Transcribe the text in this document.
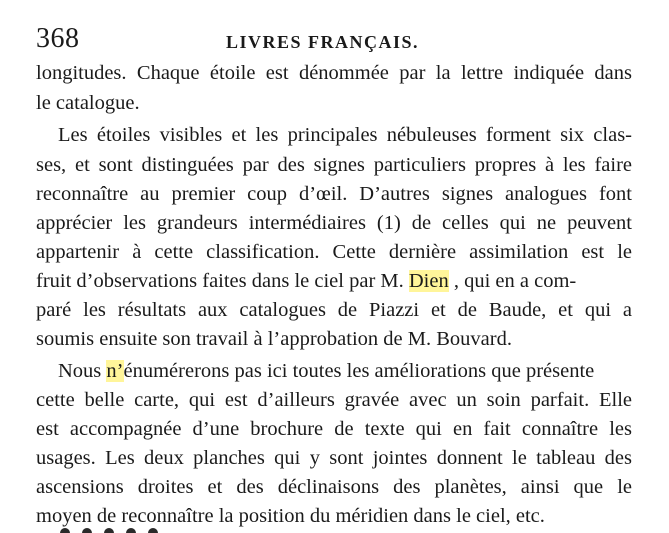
368	LIVRES FRANÇAIS.
longitudes. Chaque étoile est dénommée par la lettre indiquée dans
le catalogue.
Les étoiles visibles et les principales nébuleuses forment six clas-
ses, et sont distinguées par des signes particuliers propres à les faire
reconnaître au premier coup d’œil. D’autres signes analogues font
apprécier les grandeurs intermédiaires (1) de celles qui ne peuvent
appartenir à cette classification. Cette dernière assimilation est le
fruit d’observations faites dans le ciel par M. Dien , qui en a com-
paré les résultats aux catalogues de Piazzi et de Baude, et qui a
soumis ensuite son travail à l’approbation de M. Bouvard.
Nous n’énumérerons pas ici toutes les améliorations que présente
cette belle carte, qui est d’ailleurs gravée avec un soin parfait. Elle
est accompagnée d’une brochure de texte qui en fait connaître les
usages. Les deux planches qui y sont jointes donnent le tableau des
ascensions droites et des déclinaisons des planètes, ainsi que le
moyen de reconnaître la position du méridien dans le ciel, etc.
